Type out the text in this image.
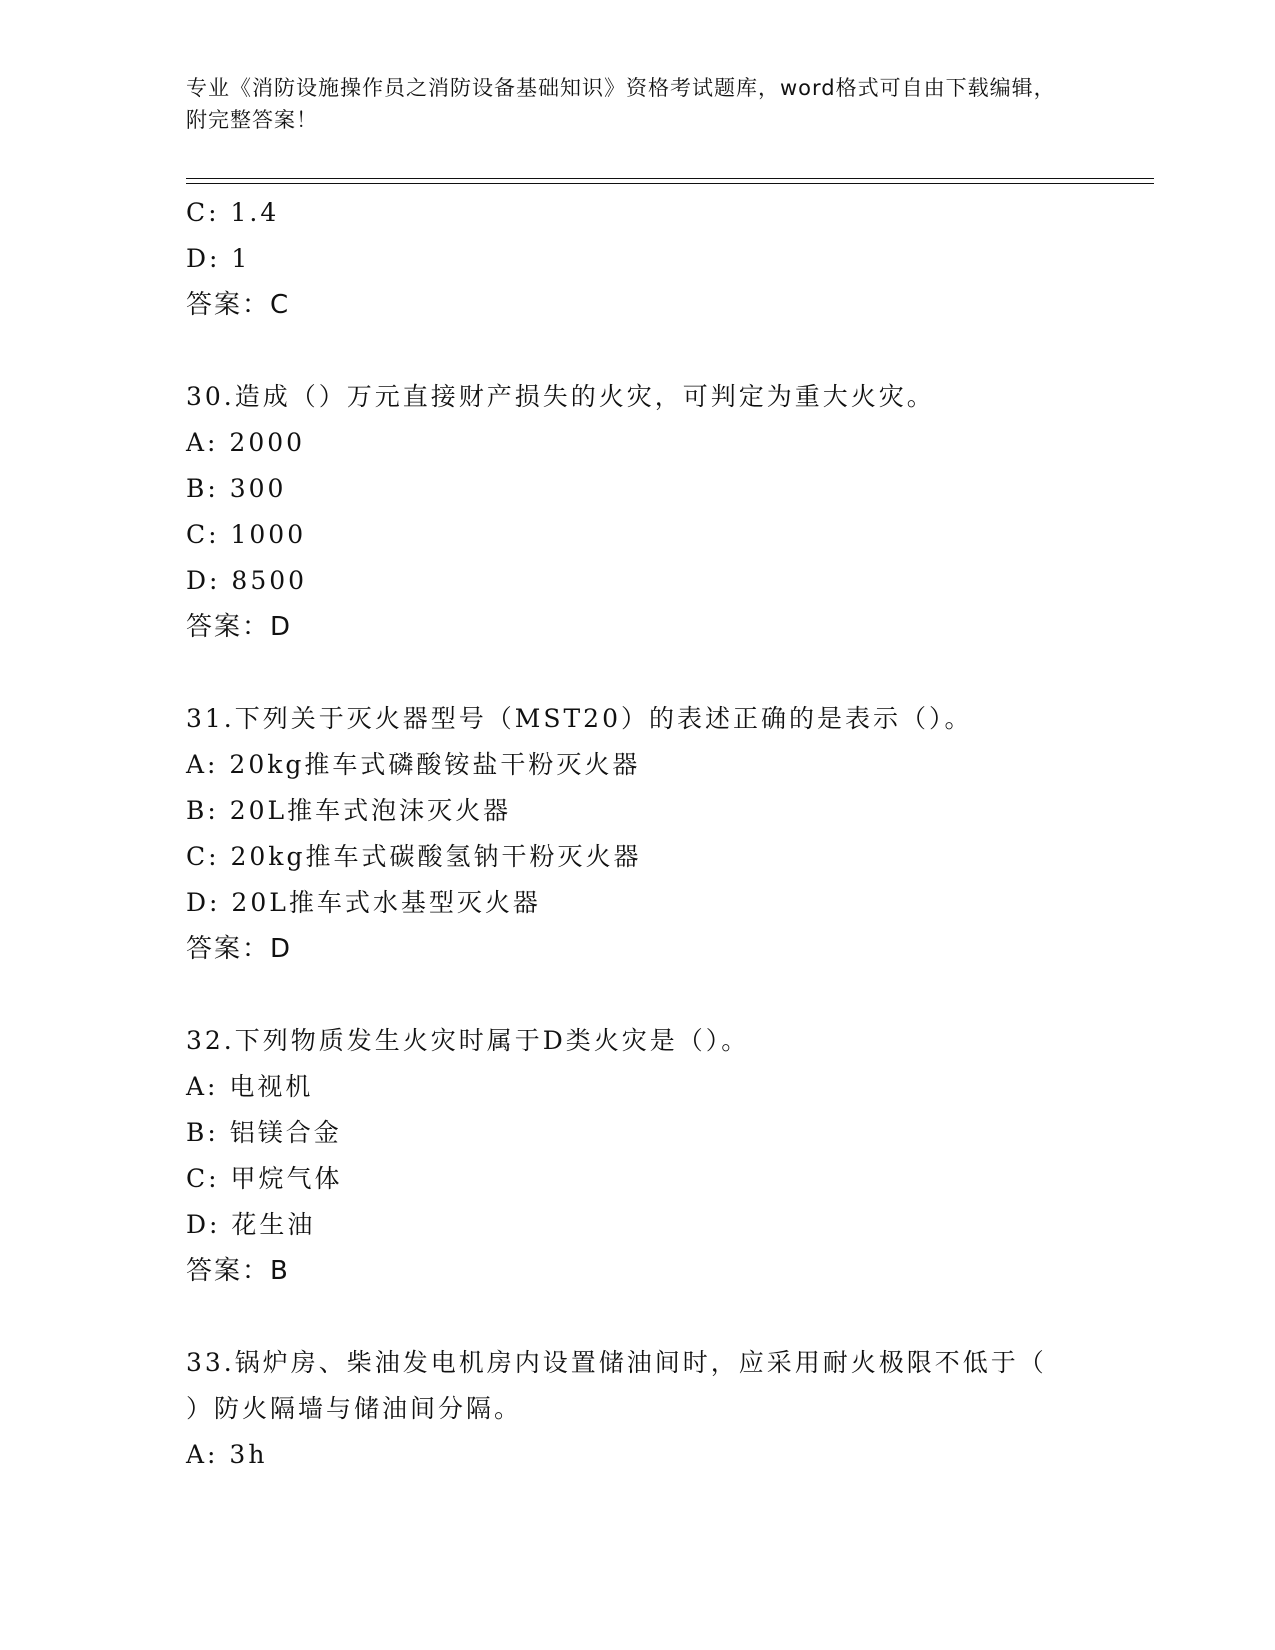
专业《消防设施操作员之消防设备基础知识》资格考试题库，word格式可自由下载编辑，附完整答案！
C: 1.4
D: 1
答案：C
30.造成（）万元直接财产损失的火灾，可判定为重大火灾。
A: 2000
B: 300
C: 1000
D: 8500
答案：D
31.下列关于灭火器型号（MST20）的表述正确的是表示（）。
A: 20kg推车式磷酸铵盐干粉灭火器
B: 20L推车式泡沫灭火器
C: 20kg推车式碳酸氢钠干粉灭火器
D: 20L推车式水基型灭火器
答案：D
32.下列物质发生火灾时属于D类火灾是（）。
A: 电视机
B: 铝镁合金
C: 甲烷气体
D: 花生油
答案：B
33.锅炉房、柴油发电机房内设置储油间时，应采用耐火极限不低于（
）防火隔墙与储油间分隔。
A: 3h
